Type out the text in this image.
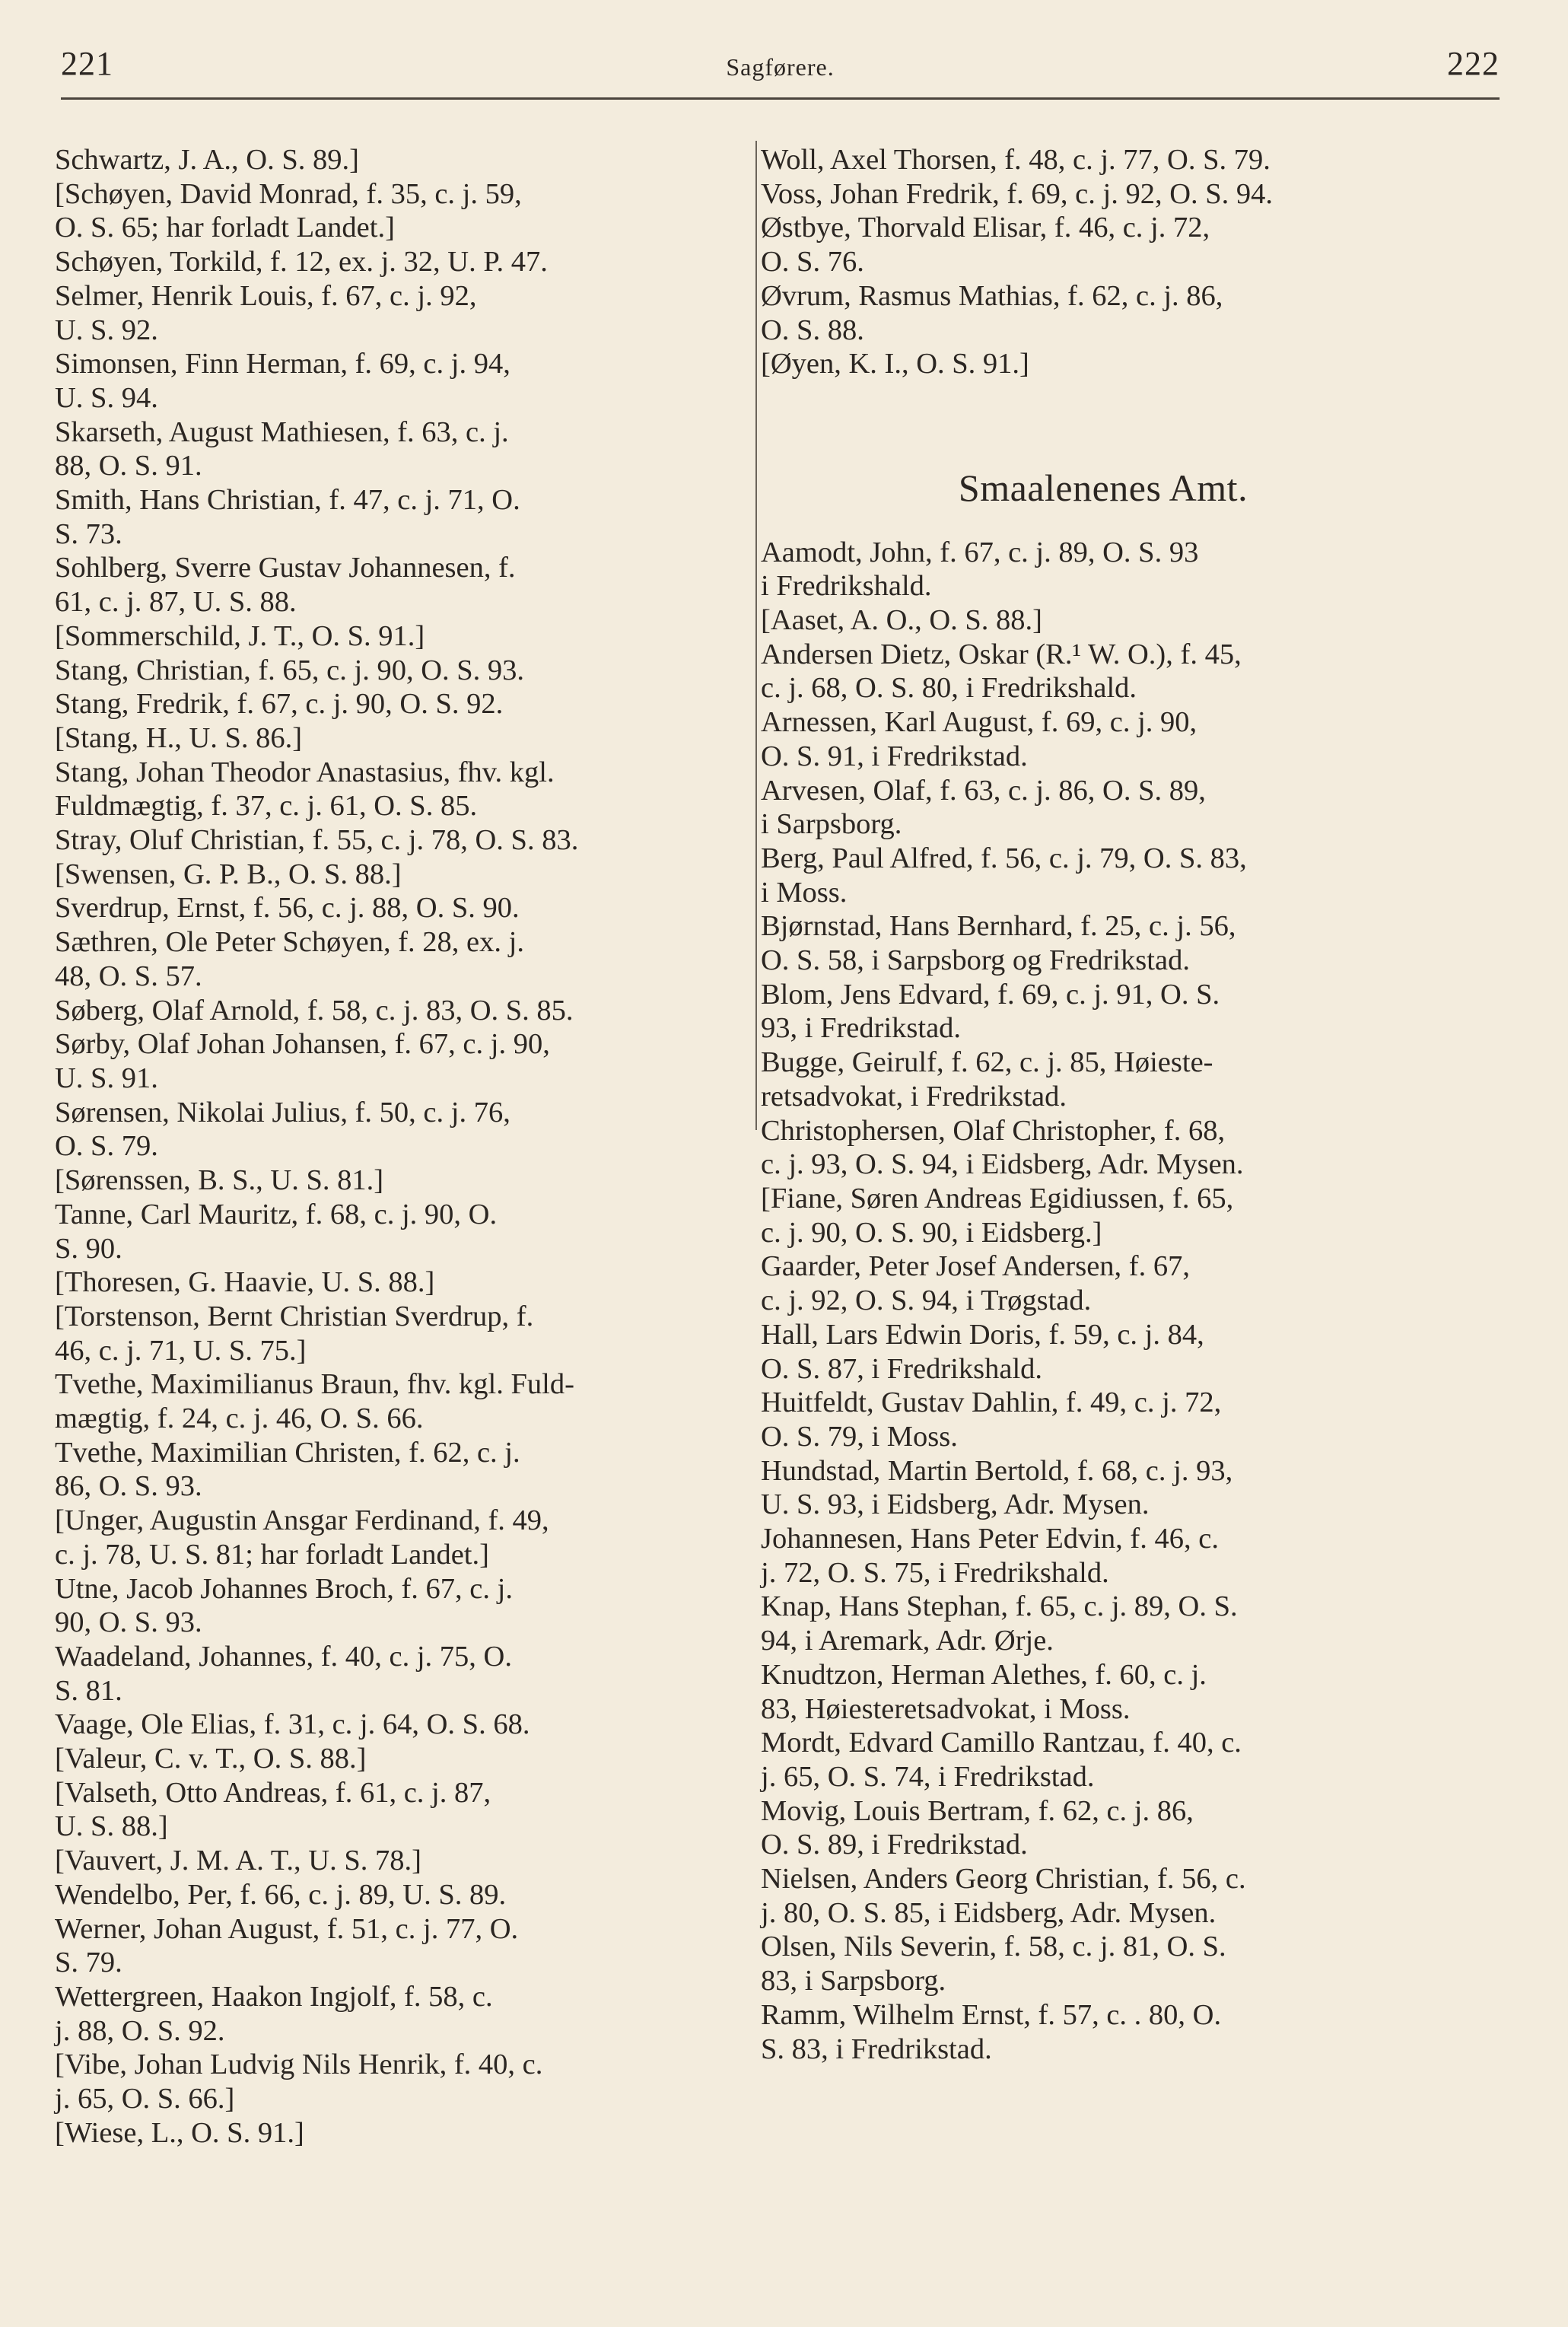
221	Sagførere.	222
Schwartz, J. A., O. S. 89.]
[Schøyen, David Monrad, f. 35, c. j. 59,
O. S. 65; har forladt Landet.]
Schøyen, Torkild, f. 12, ex. j. 32, U. P. 47.
Selmer, Henrik Louis, f. 67, c. j. 92,
U. S. 92.
Simonsen, Finn Herman, f. 69, c. j. 94,
U. S. 94.
Skarseth, August Mathiesen, f. 63, c. j.
88, O. S. 91.
Smith, Hans Christian, f. 47, c. j. 71, O.
S. 73.
Sohlberg, Sverre Gustav Johannesen, f.
61, c. j. 87, U. S. 88.
[Sommerschild, J. T., O. S. 91.]
Stang, Christian, f. 65, c. j. 90, O. S. 93.
Stang, Fredrik, f. 67, c. j. 90, O. S. 92.
[Stang, H., U. S. 86.]
Stang, Johan Theodor Anastasius, fhv. kgl.
Fuldmægtig, f. 37, c. j. 61, O. S. 85.
Stray, Oluf Christian, f. 55, c. j. 78, O. S. 83.
[Swensen, G. P. B., O. S. 88.]
Sverdrup, Ernst, f. 56, c. j. 88, O. S. 90.
Sæthren, Ole Peter Schøyen, f. 28, ex. j.
48, O. S. 57.
Søberg, Olaf Arnold, f. 58, c. j. 83, O. S. 85.
Sørby, Olaf Johan Johansen, f. 67, c. j. 90,
U. S. 91.
Sørensen, Nikolai Julius, f. 50, c. j. 76,
O. S. 79.
[Sørenssen, B. S., U. S. 81.]
Tanne, Carl Mauritz, f. 68, c. j. 90, O.
S. 90.
[Thoresen, G. Haavie, U. S. 88.]
[Torstenson, Bernt Christian Sverdrup, f.
46, c. j. 71, U. S. 75.]
Tvethe, Maximilianus Braun, fhv. kgl. Fuld-
mægtig, f. 24, c. j. 46, O. S. 66.
Tvethe, Maximilian Christen, f. 62, c. j.
86, O. S. 93.
[Unger, Augustin Ansgar Ferdinand, f. 49,
c. j. 78, U. S. 81; har forladt Landet.]
Utne, Jacob Johannes Broch, f. 67, c. j.
90, O. S. 93.
Waadeland, Johannes, f. 40, c. j. 75, O.
S. 81.
Vaage, Ole Elias, f. 31, c. j. 64, O. S. 68.
[Valeur, C. v. T., O. S. 88.]
[Valseth, Otto Andreas, f. 61, c. j. 87,
U. S. 88.]
[Vauvert, J. M. A. T., U. S. 78.]
Wendelbo, Per, f. 66, c. j. 89, U. S. 89.
Werner, Johan August, f. 51, c. j. 77, O.
S. 79.
Wettergreen, Haakon Ingjolf, f. 58, c.
j. 88, O. S. 92.
[Vibe, Johan Ludvig Nils Henrik, f. 40, c.
j. 65, O. S. 66.]
[Wiese, L., O. S. 91.]
Woll, Axel Thorsen, f. 48, c. j. 77, O. S. 79.
Voss, Johan Fredrik, f. 69, c. j. 92, O. S. 94.
Østbye, Thorvald Elisar, f. 46, c. j. 72,
O. S. 76.
Øvrum, Rasmus Mathias, f. 62, c. j. 86,
O. S. 88.
[Øyen, K. I., O. S. 91.]
Smaalenenes Amt.
Aamodt, John, f. 67, c. j. 89, O. S. 93
i Fredrikshald.
[Aaset, A. O., O. S. 88.]
Andersen Dietz, Oskar (R.¹ W. O.), f. 45,
c. j. 68, O. S. 80, i Fredrikshald.
Arnessen, Karl August, f. 69, c. j. 90,
O. S. 91, i Fredrikstad.
Arvesen, Olaf, f. 63, c. j. 86, O. S. 89,
i Sarpsborg.
Berg, Paul Alfred, f. 56, c. j. 79, O. S. 83,
i Moss.
Bjørnstad, Hans Bernhard, f. 25, c. j. 56,
O. S. 58, i Sarpsborg og Fredrikstad.
Blom, Jens Edvard, f. 69, c. j. 91, O. S.
93, i Fredrikstad.
Bugge, Geirulf, f. 62, c. j. 85, Høieste-
retsadvokat, i Fredrikstad.
Christophersen, Olaf Christopher, f. 68,
c. j. 93, O. S. 94, i Eidsberg, Adr. Mysen.
[Fiane, Søren Andreas Egidiussen, f. 65,
c. j. 90, O. S. 90, i Eidsberg.]
Gaarder, Peter Josef Andersen, f. 67,
c. j. 92, O. S. 94, i Trøgstad.
Hall, Lars Edwin Doris, f. 59, c. j. 84,
O. S. 87, i Fredrikshald.
Huitfeldt, Gustav Dahlin, f. 49, c. j. 72,
O. S. 79, i Moss.
Hundstad, Martin Bertold, f. 68, c. j. 93,
U. S. 93, i Eidsberg, Adr. Mysen.
Johannesen, Hans Peter Edvin, f. 46, c.
j. 72, O. S. 75, i Fredrikshald.
Knap, Hans Stephan, f. 65, c. j. 89, O. S.
94, i Aremark, Adr. Ørje.
Knudtzon, Herman Alethes, f. 60, c. j.
83, Høiesteretsadvokat, i Moss.
Mordt, Edvard Camillo Rantzau, f. 40, c.
j. 65, O. S. 74, i Fredrikstad.
Movig, Louis Bertram, f. 62, c. j. 86,
O. S. 89, i Fredrikstad.
Nielsen, Anders Georg Christian, f. 56, c.
j. 80, O. S. 85, i Eidsberg, Adr. Mysen.
Olsen, Nils Severin, f. 58, c. j. 81, O. S.
83, i Sarpsborg.
Ramm, Wilhelm Ernst, f. 57, c. . 80, O.
S. 83, i Fredrikstad.
